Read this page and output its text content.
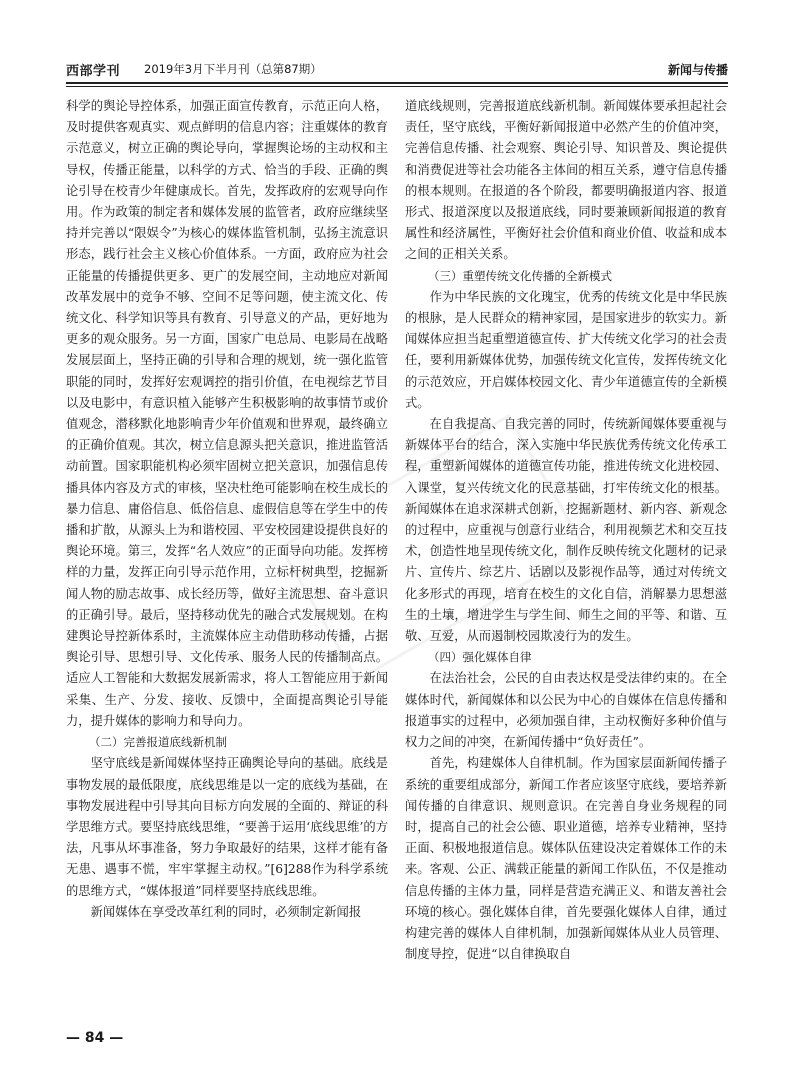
西部学刊 2019年3月下半月刊（总第87期）	新闻与传播

科学的舆论导控体系，加强正面宣传教育，示范正向人格，及时提供客观真实、观点鲜明的信息内容；注重媒体的教育示范意义，树立正确的舆论导向，掌握舆论场的主动权和主导权，传播正能量，以科学的方式、恰当的手段、正确的舆论引导在校青少年健康成长。首先，发挥政府的宏观导向作用。作为政策的制定者和媒体发展的监管者，政府应继续坚持并完善以“限娱令”为核心的媒体监管机制，弘扬主流意识形态，践行社会主义核心价值体系。一方面，政府应为社会正能量的传播提供更多、更广的发展空间，主动地应对新闻改革发展中的竞争不够、空间不足等问题，使主流文化、传统文化、科学知识等具有教育、引导意义的产品，更好地为更多的观众服务。另一方面，国家广电总局、电影局在战略发展层面上，坚持正确的引导和合理的规划，统一强化监管职能的同时，发挥好宏观调控的指引价值，在电视综艺节目以及电影中，有意识植入能够产生积极影响的故事情节或价值观念，潜移默化地影响青少年价值观和世界观，最终确立的正确价值观。其次，树立信息源头把关意识，推进监管活动前置。国家职能机构必须牢固树立把关意识，加强信息传播具体内容及方式的审核，坚决杜绝可能影响在校生成长的暴力信息、庸俗信息、低俗信息、虚假信息等在学生中的传播和扩散，从源头上为和谐校园、平安校园建设提供良好的舆论环境。第三，发挥“名人效应”的正面导向功能。发挥榜样的力量，发挥正向引导示范作用，立标杆树典型，挖掘新闻人物的励志故事、成长经历等，做好主流思想、奋斗意识的正确引导。最后，坚持移动优先的融合式发展规划。在构建舆论导控新体系时，主流媒体应主动借助移动传播，占据舆论引导、思想引导、文化传承、服务人民的传播制高点。适应人工智能和大数据发展新需求，将人工智能应用于新闻采集、生产、分发、接收、反馈中，全面提高舆论引导能力，提升媒体的影响力和导向力。

（二）完善报道底线新机制

坚守底线是新闻媒体坚持正确舆论导向的基础。底线是事物发展的最低限度，底线思维是以一定的底线为基础，在事物发展进程中引导其向目标方向发展的全面的、辩证的科学思维方式。要坚持底线思维，“要善于运用‘底线思维’的方法，凡事从坏事准备，努力争取最好的结果，这样才能有备无患、遇事不慌，牢牢掌握主动权。”[6]288作为科学系统的思维方式，“媒体报道”同样要坚持底线思维。

新闻媒体在享受改革红利的同时，必须制定新闻报

道底线规则，完善报道底线新机制。新闻媒体要承担起社会责任，坚守底线，平衡好新闻报道中必然产生的价值冲突，完善信息传播、社会观察、舆论引导、知识普及、舆论提供和消费促进等社会功能各主体间的相互关系，遵守信息传播的根本规则。在报道的各个阶段，都要明确报道内容、报道形式、报道深度以及报道底线，同时要兼顾新闻报道的教育属性和经济属性，平衡好社会价值和商业价值、收益和成本之间的正相关关系。

（三）重塑传统文化传播的全新模式

作为中华民族的文化瑰宝，优秀的传统文化是中华民族的根脉，是人民群众的精神家园，是国家进步的软实力。新闻媒体应担当起重塑道德宣传、扩大传统文化学习的社会责任，要利用新媒体优势，加强传统文化宣传，发挥传统文化的示范效应，开启媒体校园文化、青少年道德宣传的全新模式。

在自我提高、自我完善的同时，传统新闻媒体要重视与新媒体平台的结合，深入实施中华民族优秀传统文化传承工程，重塑新闻媒体的道德宣传功能，推进传统文化进校园、入课堂，复兴传统文化的民意基础，打牢传统文化的根基。新闻媒体在追求深耕式创新，挖掘新题材、新内容、新观念的过程中，应重视与创意行业结合，利用视频艺术和交互技术，创造性地呈现传统文化，制作反映传统文化题材的记录片、宣传片、综艺片、话剧以及影视作品等，通过对传统文化多形式的再现，培育在校生的文化自信，消解暴力思想滋生的土壤，增进学生与学生间、师生之间的平等、和谐、互敬、互爱，从而遏制校园欺凌行为的发生。

（四）强化媒体自律

在法治社会，公民的自由表达权是受法律约束的。在全媒体时代，新闻媒体和以公民为中心的自媒体在信息传播和报道事实的过程中，必须加强自律，主动权衡好多种价值与权力之间的冲突，在新闻传播中“负好责任”。

首先，构建媒体人自律机制。作为国家层面新闻传播子系统的重要组成部分，新闻工作者应该坚守底线，要培养新闻传播的自律意识、规则意识。在完善自身业务规程的同时，提高自己的社会公德、职业道德，培养专业精神，坚持正面、积极地报道信息。媒体队伍建设决定着媒体工作的未来。客观、公正、满载正能量的新闻工作队伍，不仅是推动信息传播的主体力量，同样是营造充满正义、和谐友善社会环境的核心。强化媒体自律，首先要强化媒体人自律，通过构建完善的媒体人自律机制，加强新闻媒体从业人员管理、制度导控，促进“以自律换取自

— 84 —
